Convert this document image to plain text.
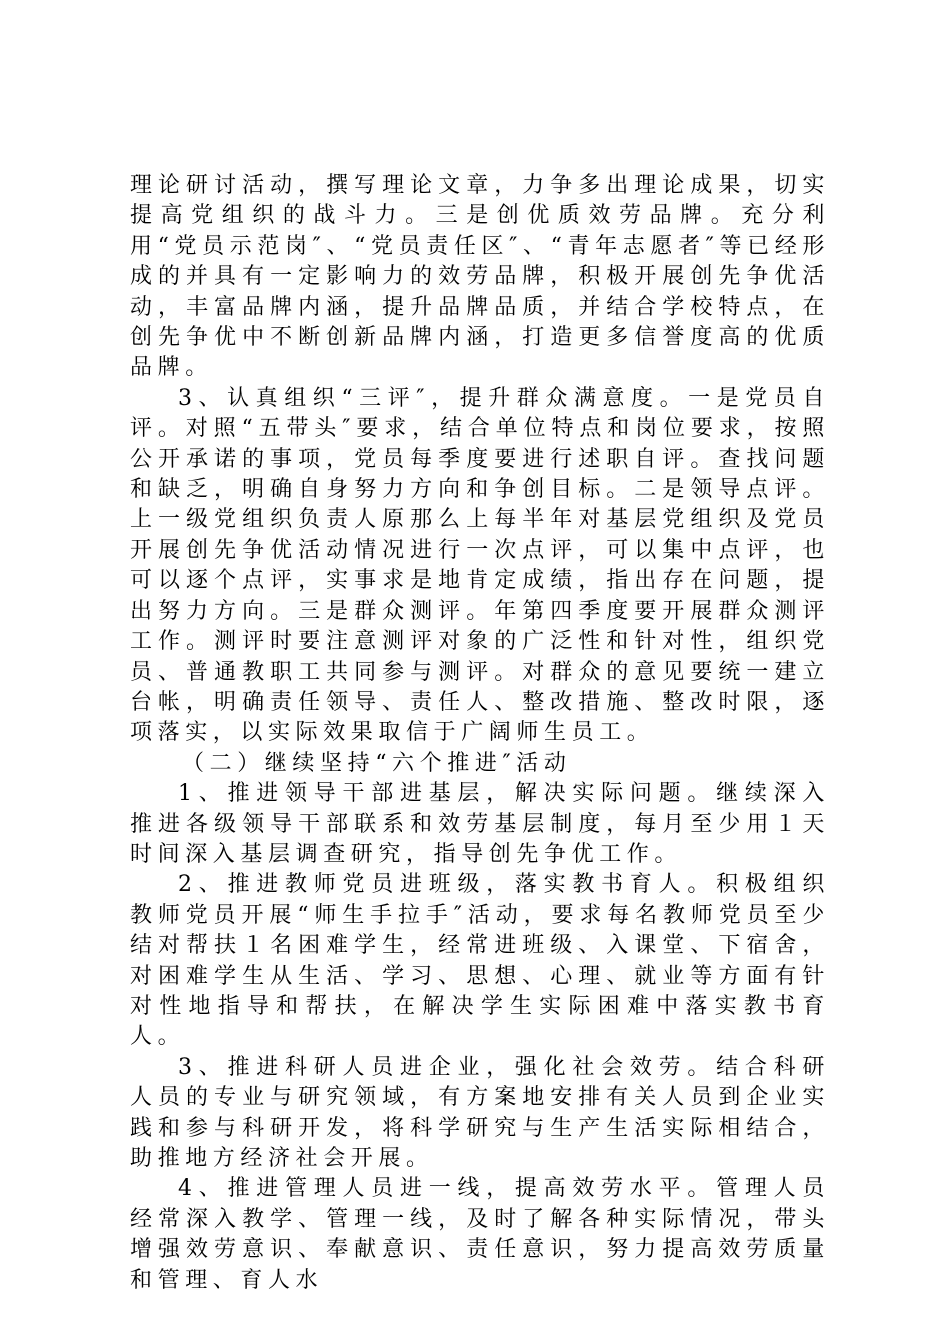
理论研讨活动，撰写理论文章，力争多出理论成果，切实提高党组织的战斗力。三是创优质效劳品牌。充分利用“党员示范岗″、“党员责任区″、“青年志愿者″等已经形成的并具有一定影响力的效劳品牌，积极开展创先争优活动，丰富品牌内涵，提升品牌品质，并结合学校特点，在创先争优中不断创新品牌内涵，打造更多信誉度高的优质品牌。

3、认真组织“三评″，提升群众满意度。一是党员自评。对照“五带头″要求，结合单位特点和岗位要求，按照公开承诺的事项，党员每季度要进行述职自评。查找问题和缺乏，明确自身努力方向和争创目标。二是领导点评。上一级党组织负责人原那么上每半年对基层党组织及党员开展创先争优活动情况进行一次点评，可以集中点评，也可以逐个点评，实事求是地肯定成绩，指出存在问题，提出努力方向。三是群众测评。年第四季度要开展群众测评工作。测评时要注意测评对象的广泛性和针对性，组织党员、普通教职工共同参与测评。对群众的意见要统一建立台帐，明确责任领导、责任人、整改措施、整改时限，逐项落实，以实际效果取信于广阔师生员工。

（二）继续坚持“六个推进″活动

1、推进领导干部进基层，解决实际问题。继续深入推进各级领导干部联系和效劳基层制度，每月至少用１天时间深入基层调查研究，指导创先争优工作。

2、推进教师党员进班级，落实教书育人。积极组织教师党员开展“师生手拉手″活动，要求每名教师党员至少结对帮扶１名困难学生，经常进班级、入课堂、下宿舍，对困难学生从生活、学习、思想、心理、就业等方面有针对性地指导和帮扶，在解决学生实际困难中落实教书育人。

3、推进科研人员进企业，强化社会效劳。结合科研人员的专业与研究领域，有方案地安排有关人员到企业实践和参与科研开发，将科学研究与生产生活实际相结合，助推地方经济社会开展。

4、推进管理人员进一线，提高效劳水平。管理人员经常深入教学、管理一线，及时了解各种实际情况，带头增强效劳意识、奉献意识、责任意识，努力提高效劳质量和管理、育人水
